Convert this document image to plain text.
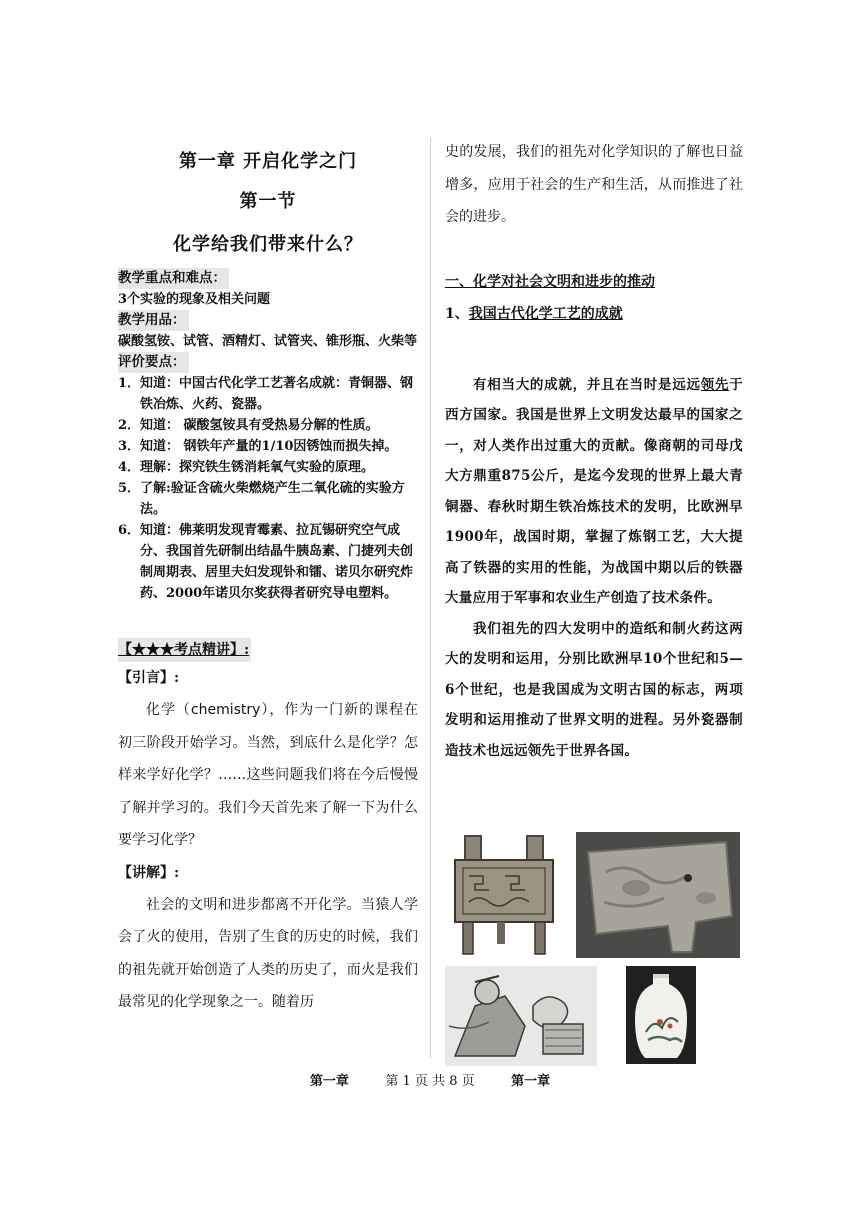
第一章 开启化学之门
第一节
化学给我们带来什么？

教学重点和难点：

3个实验的现象及相关问题

教学用品：

碳酸氢铵、试管、酒精灯、试管夹、锥形瓶、火柴等

评价要点：

1． 知道：中国古代化学工艺著名成就：青铜器、钢铁冶炼、火药、瓷器。
2． 知道： 碳酸氢铵具有受热易分解的性质。
3． 知道： 钢铁年产量的1/10因锈蚀而损失掉。
4． 理解：探究铁生锈消耗氧气实验的原理。
5． 了解:验证含硫火柴燃烧产生二氧化硫的实验方法。
6． 知道：佛莱明发现青霉素、拉瓦锡研究空气成分、我国首先研制出结晶牛胰岛素、门捷列夫创制周期表、居里夫妇发现钋和镭、诺贝尔研究炸药、2000年诺贝尔奖获得者研究导电塑料。
【★★★考点精讲】:

【引言】:

化学（chemistry），作为一门新的课程在初三阶段开始学习。当然，到底什么是化学？怎样来学好化学？……这些问题我们将在今后慢慢了解并学习的。我们今天首先来了解一下为什么要学习化学？

【讲解】:

社会的文明和进步都离不开化学。当猿人学会了火的使用，告别了生食的历史的时候，我们的祖先就开始创造了人类的历史了，而火是我们最常见的化学现象之一。随着历

史的发展，我们的祖先对化学知识的了解也日益增多，应用于社会的生产和生活，从而推进了社会的进步。

一、化学对社会文明和进步的推动

1、我国古代化学工艺的成就

有相当大的成就，并且在当时是远远领先于西方国家。我国是世界上文明发达最早的国家之一，对人类作出过重大的贡献。像商朝的司母戊大方鼎重875公斤，是迄今发现的世界上最大青铜器、春秋时期生铁冶炼技术的发明，比欧洲早1900年，战国时期，掌握了炼钢工艺，大大提高了铁器的实用的性能，为战国中期以后的铁器大量应用于军事和农业生产创造了技术条件。

我们祖先的四大发明中的造纸和制火药这两大的发明和运用，分别比欧洲早10个世纪和5—6个世纪，也是我国成为文明古国的标志，两项发明和运用推动了世界文明的进程。另外瓷器制造技术也远远领先于世界各国。

第一章	第 1 页 共 8 页	第一章
